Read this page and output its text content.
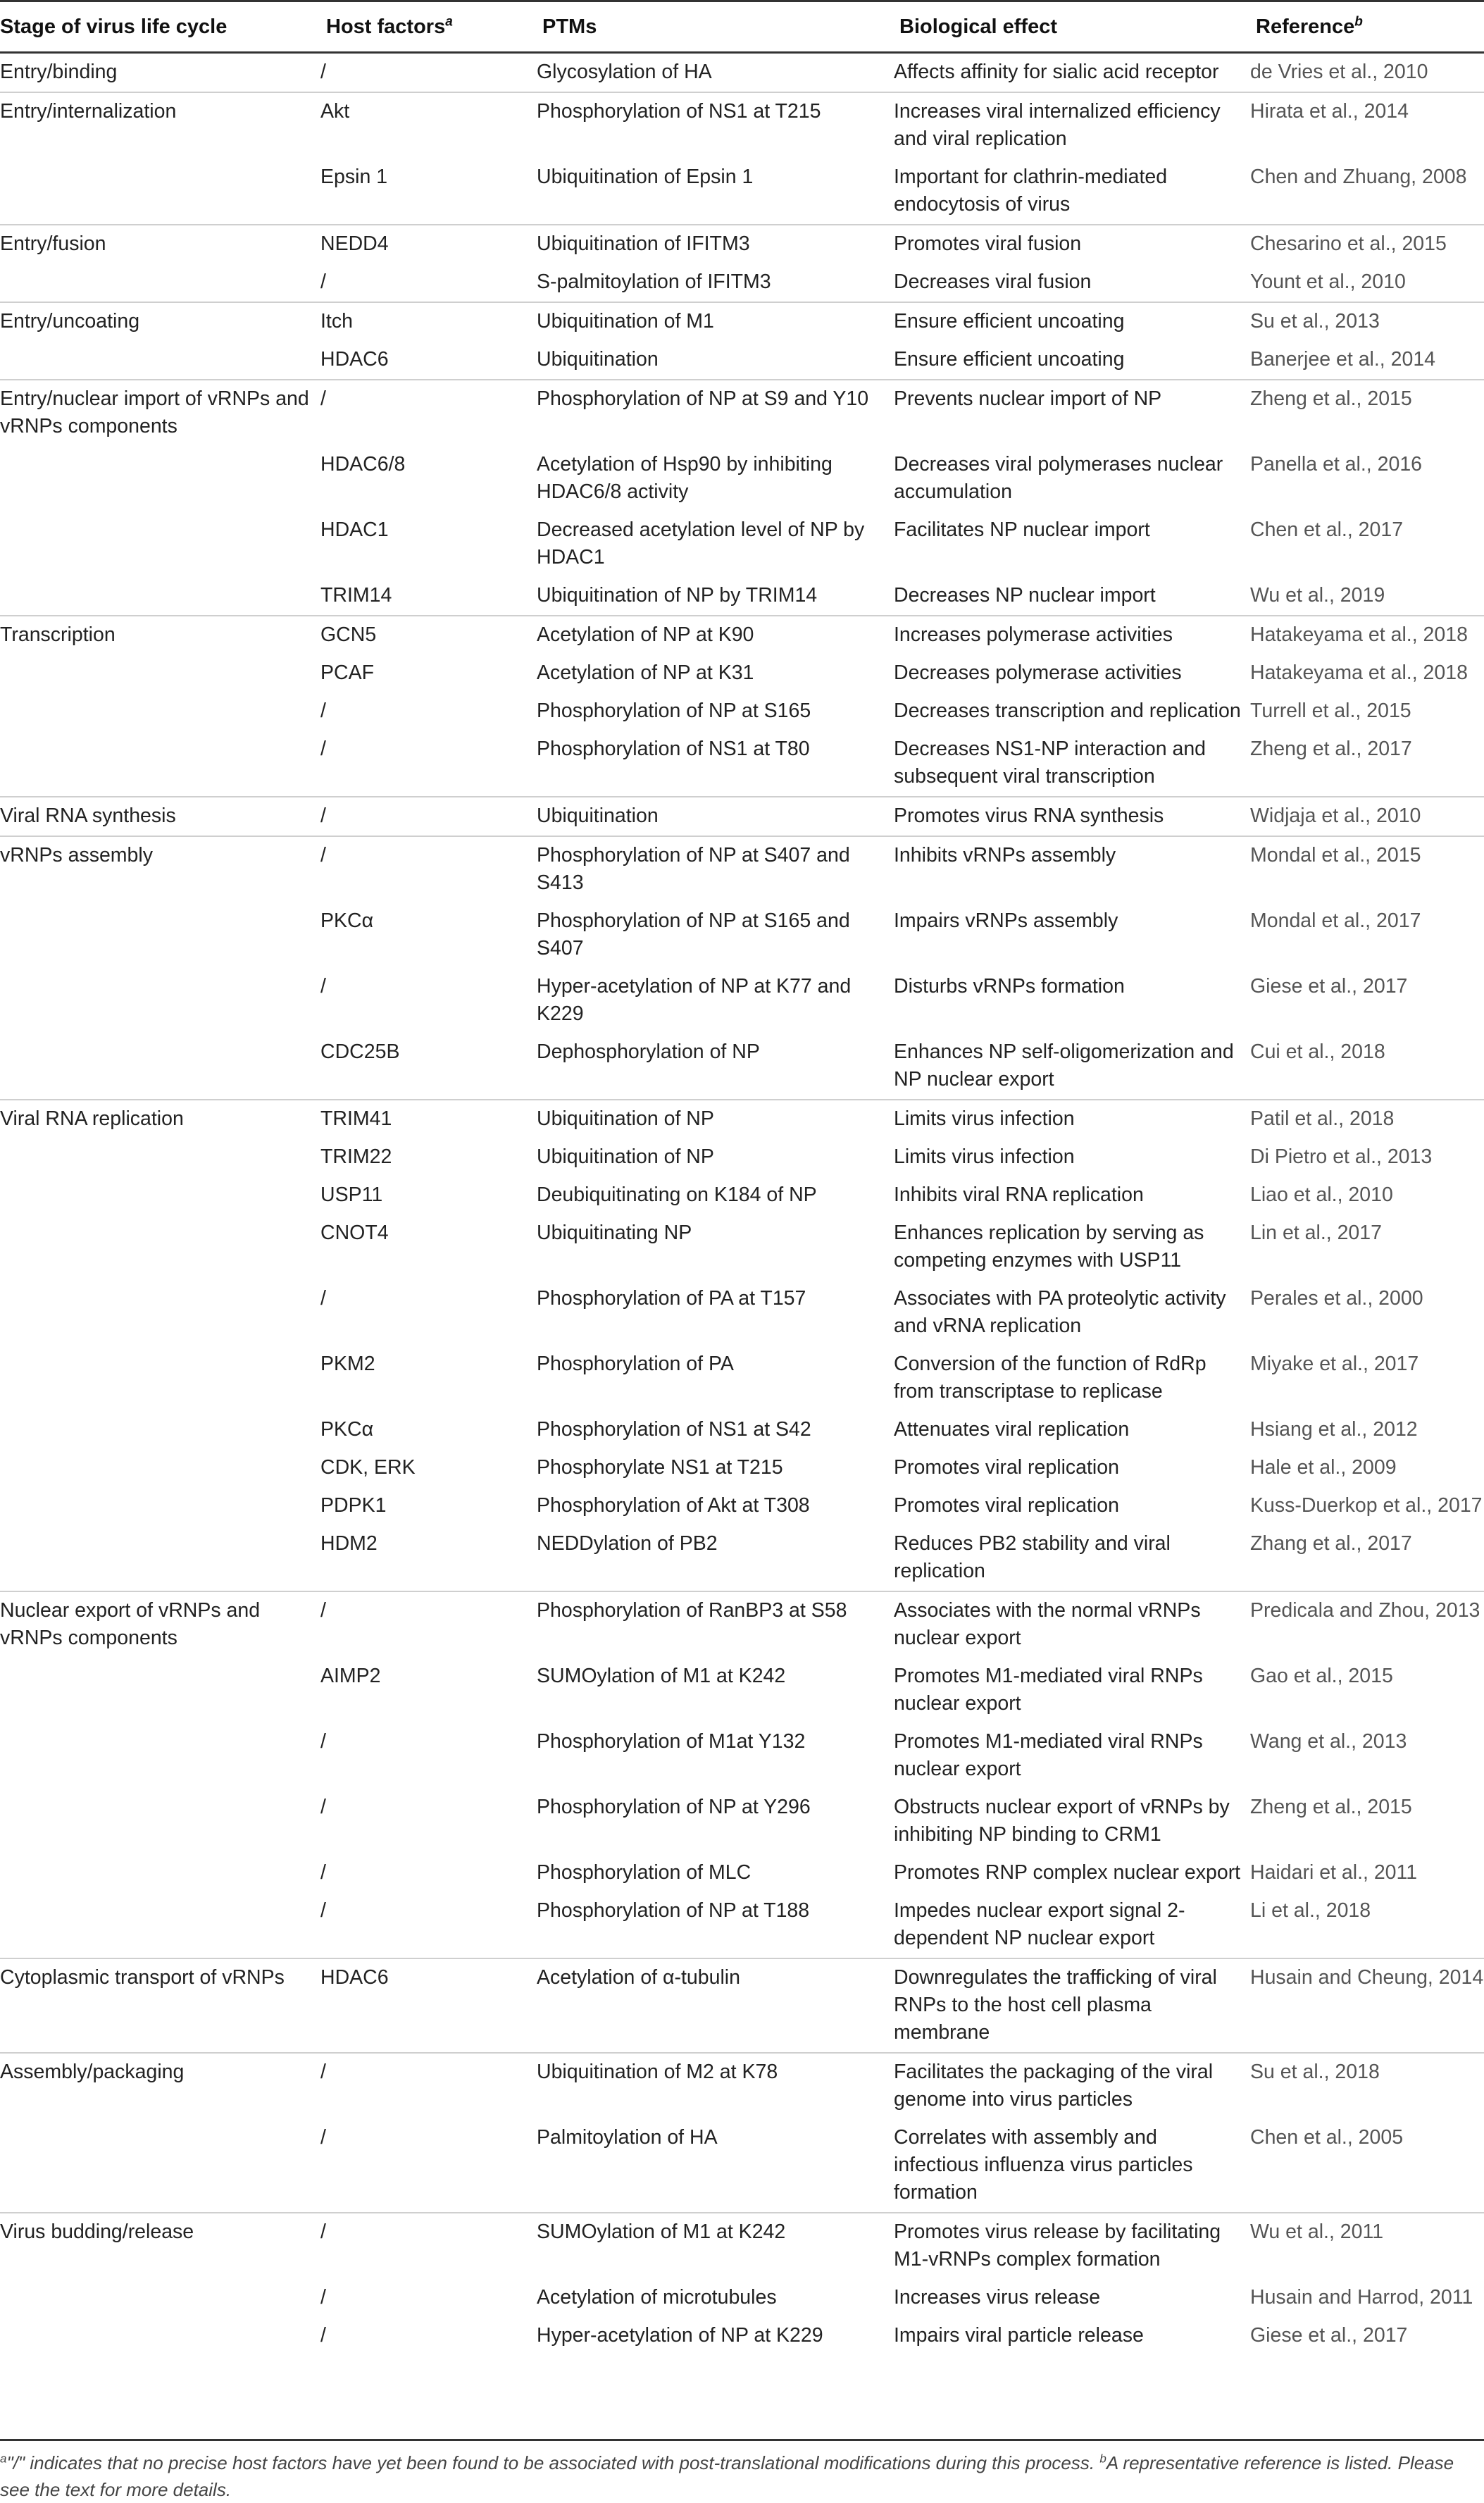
Stage of virus life cycle	Host factors$^a$	PTMs	Biological effect	Reference$^b$
Entry/binding	/	Glycosylation of HA	Affects affinity for sialic acid receptor	de Vries et al., 2010
Entry/internalization	Akt	Phosphorylation of NS1 at T215	Increases viral internalized efficiency and viral replication	Hirata et al., 2014
	Epsin 1	Ubiquitination of Epsin 1	Important for clathrin-mediated endocytosis of virus	Chen and Zhuang, 2008
Entry/fusion	NEDD4	Ubiquitination of IFITM3	Promotes viral fusion	Chesarino et al., 2015
	/	S-palmitoylation of IFITM3	Decreases viral fusion	Yount et al., 2010
Entry/uncoating	Itch	Ubiquitination of M1	Ensure efficient uncoating	Su et al., 2013
	HDAC6	Ubiquitination	Ensure efficient uncoating	Banerjee et al., 2014
Entry/nuclear import of vRNPs and vRNPs components	/	Phosphorylation of NP at S9 and Y10	Prevents nuclear import of NP	Zheng et al., 2015
	HDAC6/8	Acetylation of Hsp90 by inhibiting HDAC6/8 activity	Decreases viral polymerases nuclear accumulation	Panella et al., 2016
	HDAC1	Decreased acetylation level of NP by HDAC1	Facilitates NP nuclear import	Chen et al., 2017
	TRIM14	Ubiquitination of NP by TRIM14	Decreases NP nuclear import	Wu et al., 2019
Transcription	GCN5	Acetylation of NP at K90	Increases polymerase activities	Hatakeyama et al., 2018
	PCAF	Acetylation of NP at K31	Decreases polymerase activities	Hatakeyama et al., 2018
	/	Phosphorylation of NP at S165	Decreases transcription and replication	Turrell et al., 2015
	/	Phosphorylation of NS1 at T80	Decreases NS1-NP interaction and subsequent viral transcription	Zheng et al., 2017
Viral RNA synthesis	/	Ubiquitination	Promotes virus RNA synthesis	Widjaja et al., 2010
vRNPs assembly	/	Phosphorylation of NP at S407 and S413	Inhibits vRNPs assembly	Mondal et al., 2015
	PKCα	Phosphorylation of NP at S165 and S407	Impairs vRNPs assembly	Mondal et al., 2017
	/	Hyper-acetylation of NP at K77 and K229	Disturbs vRNPs formation	Giese et al., 2017
	CDC25B	Dephosphorylation of NP	Enhances NP self-oligomerization and NP nuclear export	Cui et al., 2018
Viral RNA replication	TRIM41	Ubiquitination of NP	Limits virus infection	Patil et al., 2018
	TRIM22	Ubiquitination of NP	Limits virus infection	Di Pietro et al., 2013
	USP11	Deubiquitinating on K184 of NP	Inhibits viral RNA replication	Liao et al., 2010
	CNOT4	Ubiquitinating NP	Enhances replication by serving as competing enzymes with USP11	Lin et al., 2017
	/	Phosphorylation of PA at T157	Associates with PA proteolytic activity and vRNA replication	Perales et al., 2000
	PKM2	Phosphorylation of PA	Conversion of the function of RdRp from transcriptase to replicase	Miyake et al., 2017
	PKCα	Phosphorylation of NS1 at S42	Attenuates viral replication	Hsiang et al., 2012
	CDK, ERK	Phosphorylate NS1 at T215	Promotes viral replication	Hale et al., 2009
	PDPK1	Phosphorylation of Akt at T308	Promotes viral replication	Kuss-Duerkop et al., 2017
	HDM2	NEDDylation of PB2	Reduces PB2 stability and viral replication	Zhang et al., 2017
Nuclear export of vRNPs and vRNPs components	/	Phosphorylation of RanBP3 at S58	Associates with the normal vRNPs nuclear export	Predicala and Zhou, 2013
	AIMP2	SUMOylation of M1 at K242	Promotes M1-mediated viral RNPs nuclear export	Gao et al., 2015
	/	Phosphorylation of M1at Y132	Promotes M1-mediated viral RNPs nuclear export	Wang et al., 2013
	/	Phosphorylation of NP at Y296	Obstructs nuclear export of vRNPs by inhibiting NP binding to CRM1	Zheng et al., 2015
	/	Phosphorylation of MLC	Promotes RNP complex nuclear export	Haidari et al., 2011
	/	Phosphorylation of NP at T188	Impedes nuclear export signal 2-dependent NP nuclear export	Li et al., 2018
Cytoplasmic transport of vRNPs	HDAC6	Acetylation of α-tubulin	Downregulates the trafficking of viral RNPs to the host cell plasma membrane	Husain and Cheung, 2014
Assembly/packaging	/	Ubiquitination of M2 at K78	Facilitates the packaging of the viral genome into virus particles	Su et al., 2018
	/	Palmitoylation of HA	Correlates with assembly and infectious influenza virus particles formation	Chen et al., 2005
Virus budding/release	/	SUMOylation of M1 at K242	Promotes virus release by facilitating M1-vRNPs complex formation	Wu et al., 2011
	/	Acetylation of microtubules	Increases virus release	Husain and Harrod, 2011
	/	Hyper-acetylation of NP at K229	Impairs viral particle release	Giese et al., 2017
$^a$"/" indicates that no precise host factors have yet been found to be associated with post-translational modifications during this process. $^b$A representative reference is listed. Please see the text for more details.
